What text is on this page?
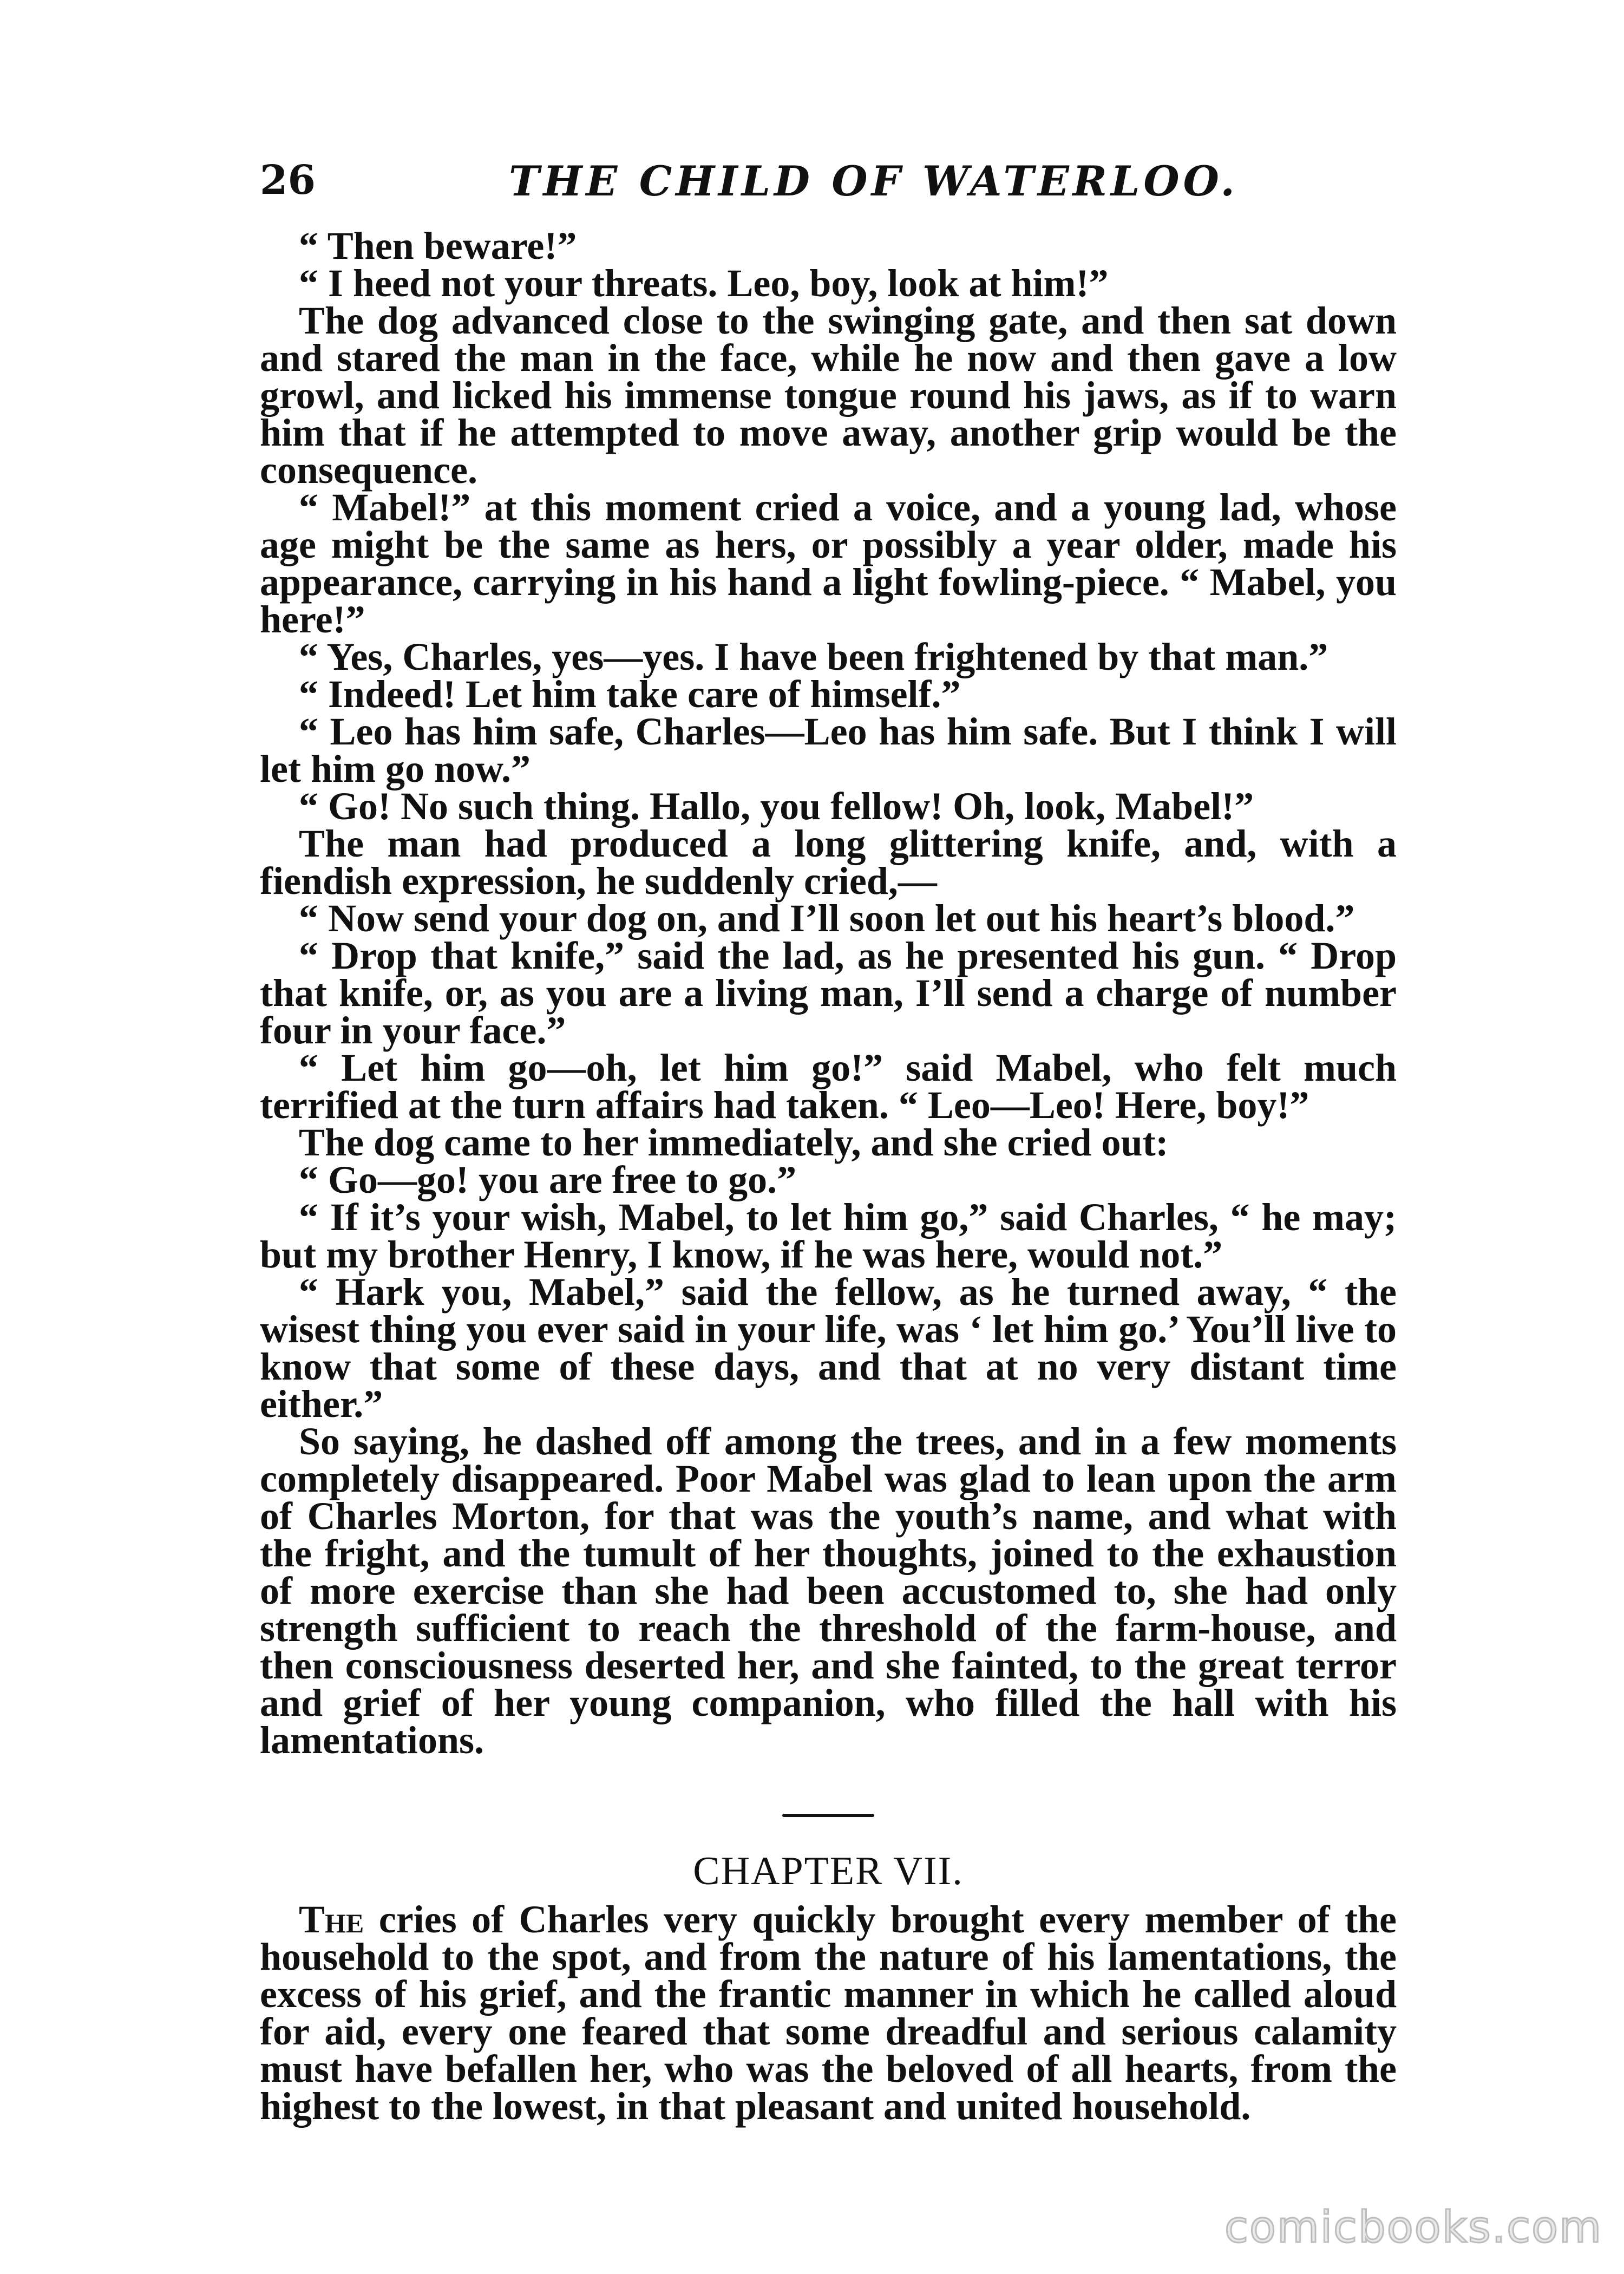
26	THE CHILD OF WATERLOO.

“ Then beware!”

“ I heed not your threats. Leo, boy, look at him!”

The dog advanced close to the swinging gate, and then sat down and stared the man in the face, while he now and then gave a low growl, and licked his immense tongue round his jaws, as if to warn him that if he attempted to move away, another grip would be the consequence.

“ Mabel!” at this moment cried a voice, and a young lad, whose age might be the same as hers, or possibly a year older, made his appearance, carrying in his hand a light fowling-piece. “ Mabel, you here!”

“ Yes, Charles, yes—yes. I have been frightened by that man.”

“ Indeed! Let him take care of himself.”

“ Leo has him safe, Charles—Leo has him safe. But I think I will let him go now.”

“ Go! No such thing. Hallo, you fellow! Oh, look, Mabel!”

The man had produced a long glittering knife, and, with a fiendish expression, he suddenly cried,—

“ Now send your dog on, and I’ll soon let out his heart’s blood.”

“ Drop that knife,” said the lad, as he presented his gun. “ Drop that knife, or, as you are a living man, I’ll send a charge of number four in your face.”

“ Let him go—oh, let him go!” said Mabel, who felt much terrified at the turn affairs had taken. “ Leo—Leo! Here, boy!”

The dog came to her immediately, and she cried out:

“ Go—go! you are free to go.”

“ If it’s your wish, Mabel, to let him go,” said Charles, “ he may; but my brother Henry, I know, if he was here, would not.”

“ Hark you, Mabel,” said the fellow, as he turned away, “ the wisest thing you ever said in your life, was ‘ let him go.’ You’ll live to know that some of these days, and that at no very distant time either.”

So saying, he dashed off among the trees, and in a few moments completely disappeared. Poor Mabel was glad to lean upon the arm of Charles Morton, for that was the youth’s name, and what with the fright, and the tumult of her thoughts, joined to the exhaustion of more exercise than she had been accustomed to, she had only strength sufficient to reach the threshold of the farm-house, and then consciousness deserted her, and she fainted, to the great terror and grief of her young companion, who filled the hall with his lamentations.

CHAPTER VII.

The cries of Charles very quickly brought every member of the household to the spot, and from the nature of his lamentations, the excess of his grief, and the frantic manner in which he called aloud for aid, every one feared that some dreadful and serious calamity must have befallen her, who was the beloved of all hearts, from the highest to the lowest, in that pleasant and united household.

comicbooks.com
